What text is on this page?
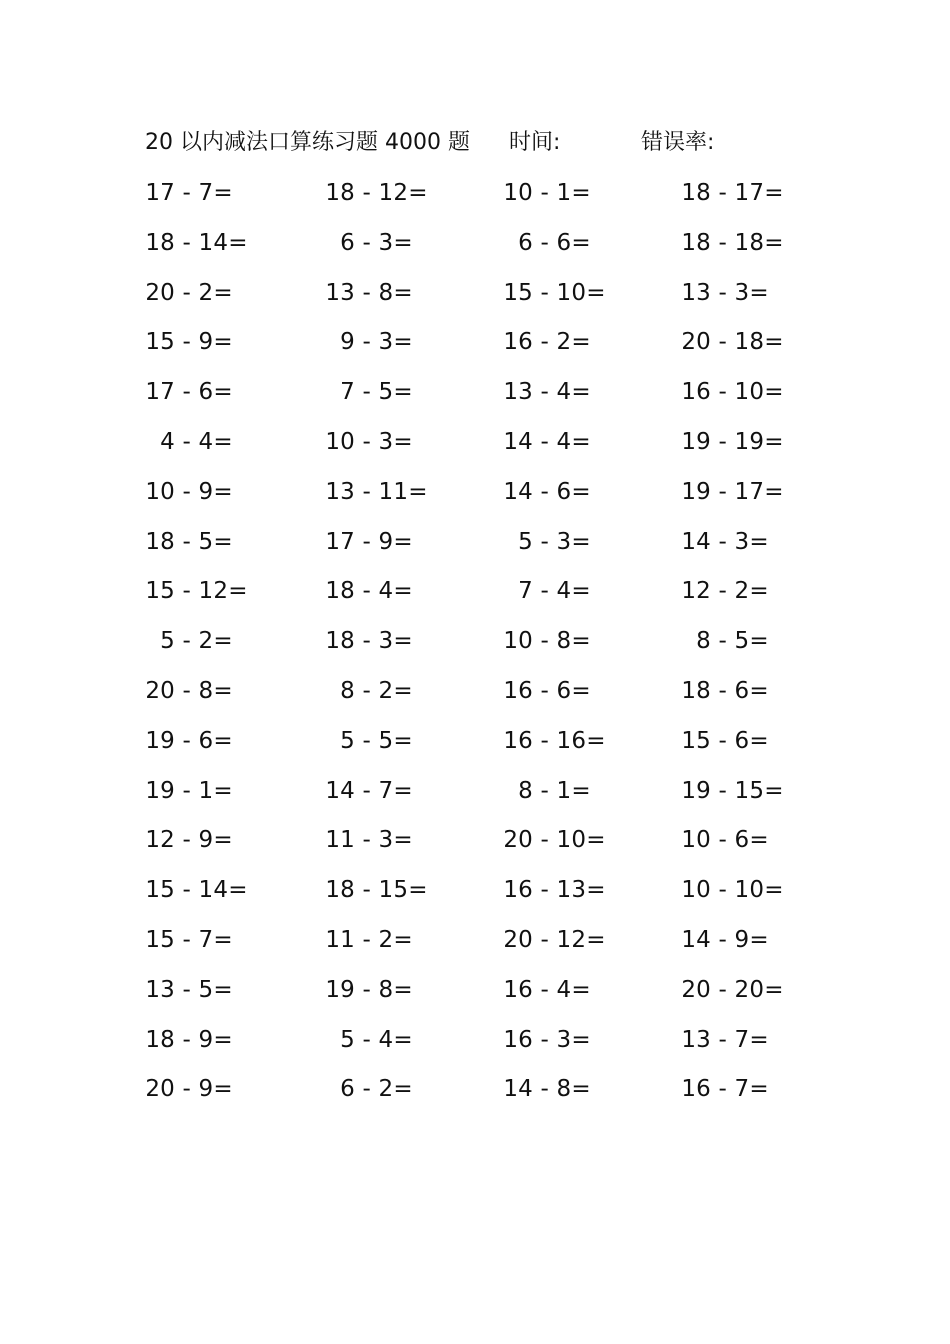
20 以内减法口算练习题 4000 题 时间:	错误率:
17 - 7=	18 - 12=	10 - 1=	18 - 17=
18 - 14=	6 - 3=	6 - 6=	18 - 18=
20 - 2=	13 - 8=	15 - 10=	13 - 3=
15 - 9=	9 - 3=	16 - 2=	20 - 18=
17 - 6=	7 - 5=	13 - 4=	16 - 10=
4 - 4=	10 - 3=	14 - 4=	19 - 19=
10 - 9=	13 - 11=	14 - 6=	19 - 17=
18 - 5=	17 - 9=	5 - 3=	14 - 3=
15 - 12=	18 - 4=	7 - 4=	12 - 2=
5 - 2=	18 - 3=	10 - 8=	8 - 5=
20 - 8=	8 - 2=	16 - 6=	18 - 6=
19 - 6=	5 - 5=	16 - 16=	15 - 6=
19 - 1=	14 - 7=	8 - 1=	19 - 15=
12 - 9=	11 - 3=	20 - 10=	10 - 6=
15 - 14=	18 - 15=	16 - 13=	10 - 10=
15 - 7=	11 - 2=	20 - 12=	14 - 9=
13 - 5=	19 - 8=	16 - 4=	20 - 20=
18 - 9=	5 - 4=	16 - 3=	13 - 7=
20 - 9=	6 - 2=	14 - 8=	16 - 7=
